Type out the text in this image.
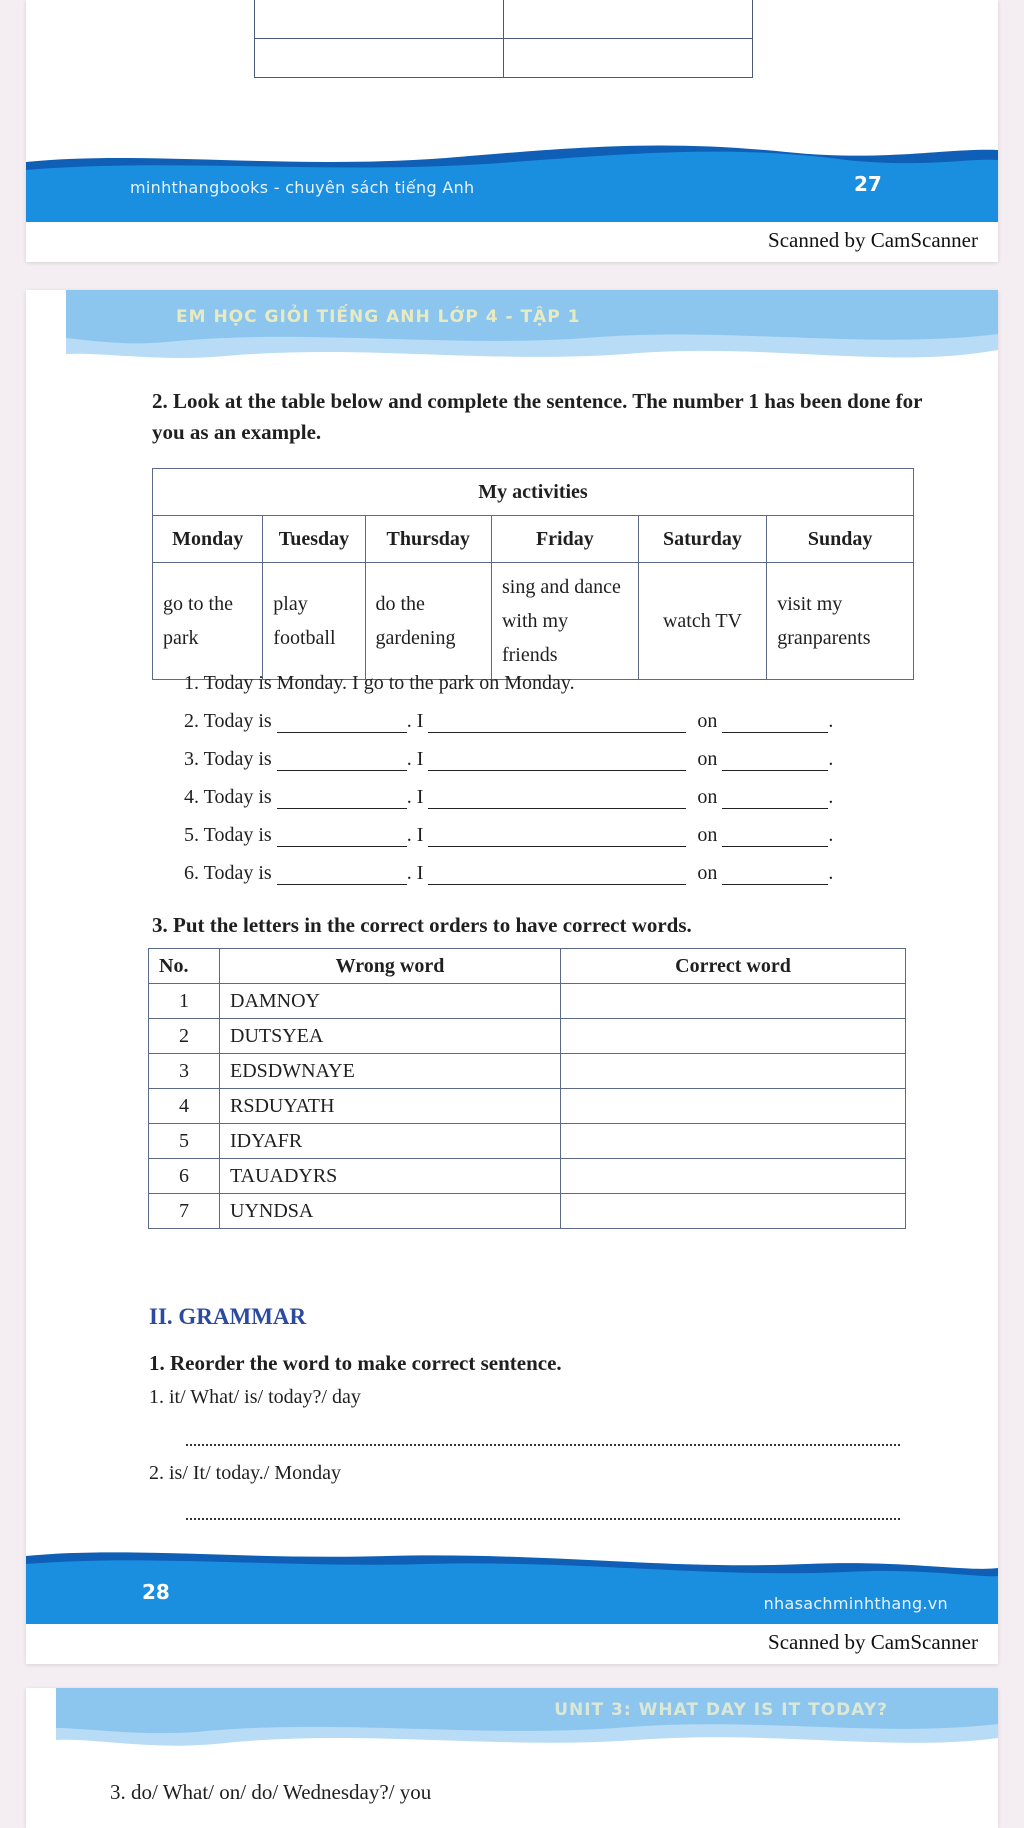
minhthangbooks - chuyên sách tiếng Anh	27
Scanned by CamScanner
EM HỌC GIỎI TIẾNG ANH LỚP 4 - TẬP 1
2. Look at the table below and complete the sentence. The number 1 has been done for you as an example.
My activities					
Monday	Tuesday	Thursday	Friday	Saturday	Sunday
go to the park	play football	do the gardening	sing and dance with my friends	watch TV	visit my granparents
1. Today is Monday. I go to the park on Monday.
2. Today is	. I	on	.
3. Today is	. I	on	.
4. Today is	. I	on	.
5. Today is	. I	on	.
6. Today is	. I	on	.
3. Put the letters in the correct orders to have correct words.
No.	Wrong word	Correct word
1	DAMNOY	
2	DUTSYEA	
3	EDSDWNAYE	
4	RSDUYATH	
5	IDYAFR	
6	TAUADYRS	
7	UYNDSA	
II. GRAMMAR
1. Reorder the word to make correct sentence.
1. it/ What/ is/ today?/ day
2. is/ It/ today./ Monday
28	nhasachminhthang.vn
Scanned by CamScanner
UNIT 3: WHAT DAY IS IT TODAY?
3. do/ What/ on/ do/ Wednesday?/ you
